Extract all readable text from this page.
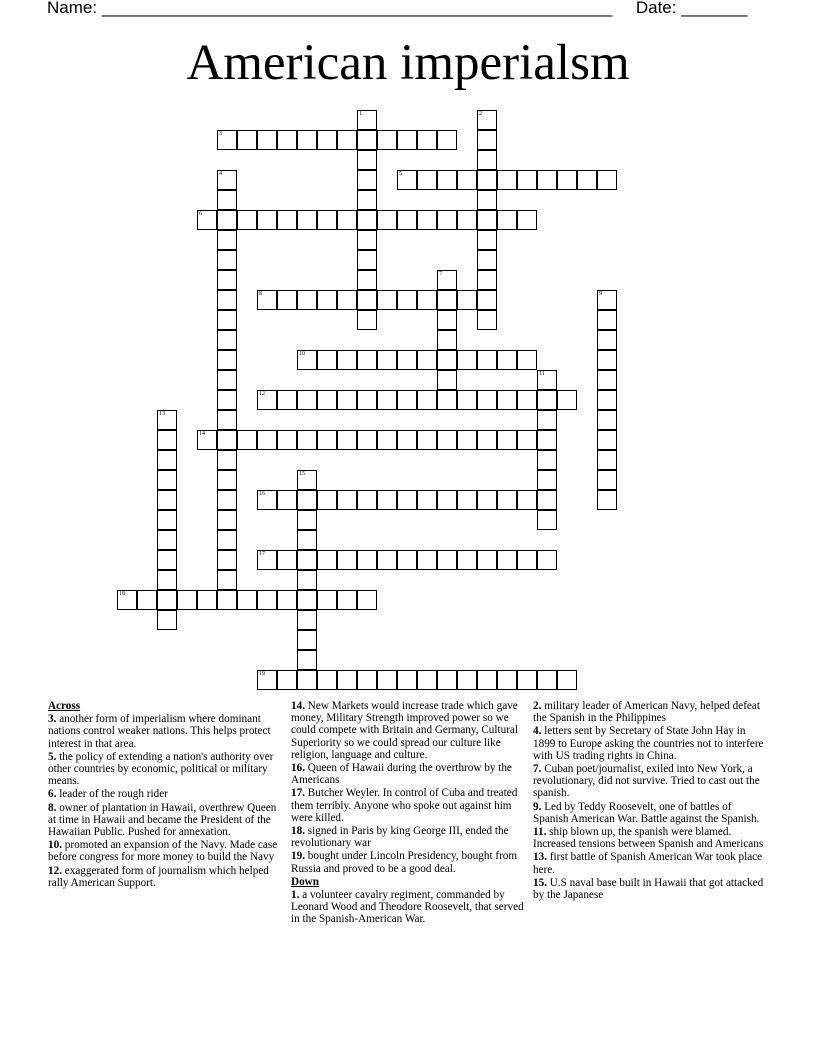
Name: ______________________________________________________ Date: _______
American imperialsm
1	2
3
4	5
6
7
8	9
10
11
12
13
14
15
16
17
18
19
Across
3. another form of imperialism where dominant nations control weaker nations. This helps protect interest in that area.
5. the policy of extending a nation's authority over other countries by economic, political or military means.
6. leader of the rough rider
8. owner of plantation in Hawaii, overthrew Queen at time in Hawaii and became the President of the Hawaiian Public. Pushed for annexation.
10. promoted an expansion of the Navy. Made case before congress for more money to build the Navy
12. exaggerated form of journalism which helped rally American Support.
14. New Markets would increase trade which gave money, Military Strength improved power so we could compete with Britain and Germany, Cultural Superiority so we could spread our culture like religion, language and culture.
16. Queen of Hawaii during the overthrow by the Americans
17. Butcher Weyler. In control of Cuba and treated them terribly. Anyone who spoke out against him were killed.
18. signed in Paris by king George III, ended the revolutionary war
19. bought under Lincoln Presidency, bought from Russia and proved to be a good deal.
Down
1. a volunteer cavalry regiment, commanded by Leonard Wood and Theodore Roosevelt, that served in the Spanish-American War.
2. military leader of American Navy, helped defeat the Spanish in the Philippines
4. letters sent by Secretary of State John Hay in 1899 to Europe asking the countries not to interfere with US trading rights in China.
7. Cuban poet/journalist, exiled into New York, a revolutionary, did not survive. Tried to cast out the spanish.
9. Led by Teddy Roosevelt, one of battles of Spanish American War. Battle against the Spanish.
11. ship blown up, the spanish were blamed. Increased tensions between Spanish and Americans
13. first battle of Spanish American War took place here.
15. U.S naval base built in Hawaii that got attacked by the Japanese
